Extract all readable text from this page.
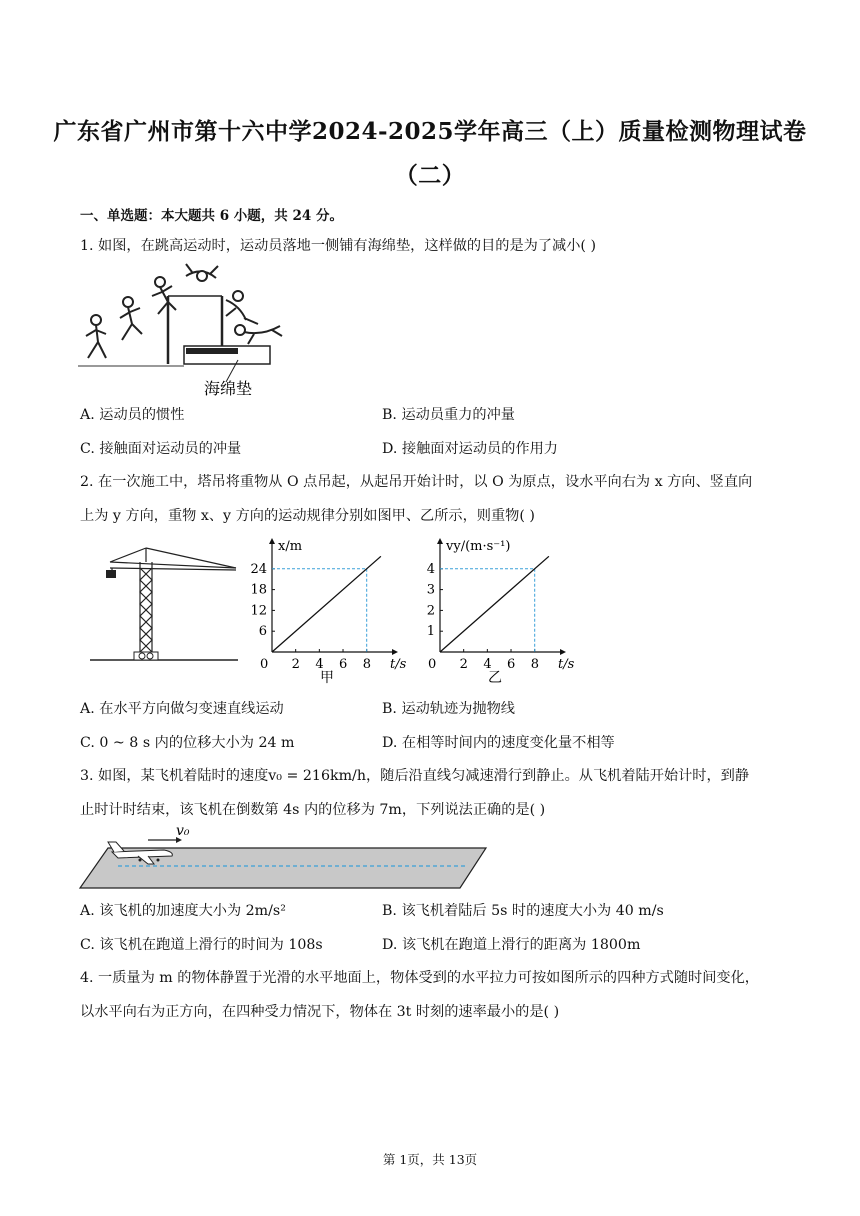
广东省广州市第十六中学2024-2025学年高三（上）质量检测物理试卷
（二）
一、单选题：本大题共 6 小题，共 24 分。
1. 如图，在跳高运动时，运动员落地一侧铺有海绵垫，这样做的目的是为了减小( )
海绵垫
A. 运动员的惯性	B. 运动员重力的冲量
C. 接触面对运动员的冲量	D. 接触面对运动员的作用力
2. 在一次施工中，塔吊将重物从 O 点吊起，从起吊开始计时，以 O 为原点，设水平向右为 x 方向、竖直向
上为 y 方向，重物 x、y 方向的运动规律分别如图甲、乙所示，则重物( )
0 2 4 6 8
6
12
18
24
t/s
x/m
甲
0 2 4 6 8
1
2
3
4
t/s
vy/(m·s⁻¹)
乙
A. 在水平方向做匀变速直线运动	B. 运动轨迹为抛物线
C. 0 ~ 8 s 内的位移大小为 24 m	D. 在相等时间内的速度变化量不相等
3. 如图，某飞机着陆时的速度v₀ = 216km/h，随后沿直线匀减速滑行到静止。从飞机着陆开始计时，到静
止时计时结束，该飞机在倒数第 4s 内的位移为 7m，下列说法正确的是( )
v₀
A. 该飞机的加速度大小为 2m/s²	B. 该飞机着陆后 5s 时的速度大小为 40 m/s
C. 该飞机在跑道上滑行的时间为 108s	D. 该飞机在跑道上滑行的距离为 1800m
4. 一质量为 m 的物体静置于光滑的水平地面上，物体受到的水平拉力可按如图所示的四种方式随时间变化，
以水平向右为正方向，在四种受力情况下，物体在 3t 时刻的速率最小的是( )
第 1页，共 13页
